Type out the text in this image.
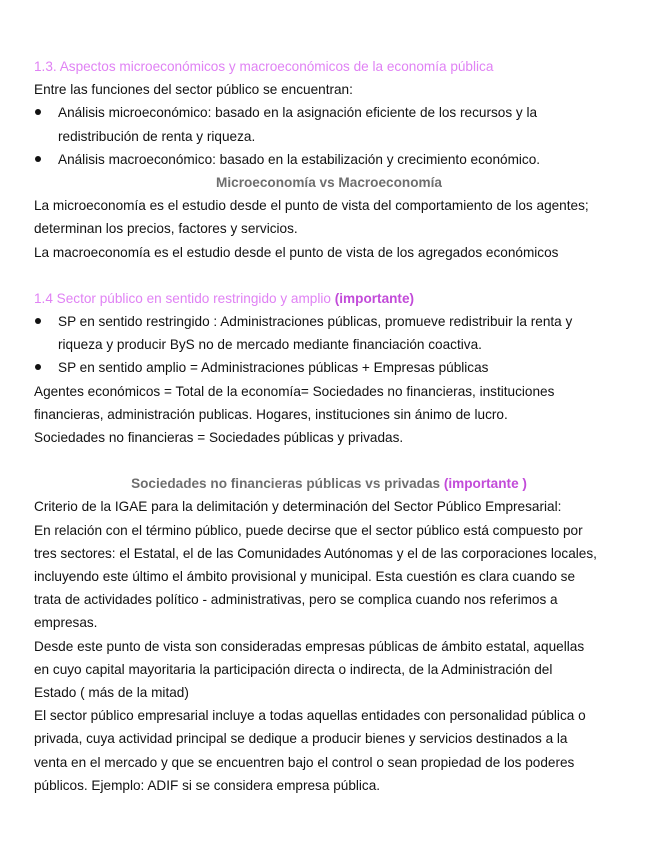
1.3. Aspectos microeconómicos y macroeconómicos de la economía pública
Entre las funciones del sector público se encuentran:
Análisis microeconómico: basado en la asignación eficiente de los recursos y la
redistribución de renta y riqueza.
Análisis macroeconómico: basado en la estabilización y crecimiento económico.
Microeconomía vs Macroeconomía
La microeconomía es el estudio desde el punto de vista del comportamiento de los agentes;
determinan los precios, factores y servicios.
La macroeconomía es el estudio desde el punto de vista de los agregados económicos
1.4 Sector público en sentido restringido y amplio (importante)
SP en sentido restringido : Administraciones públicas, promueve redistribuir la renta y
riqueza y producir ByS no de mercado mediante financiación coactiva.
SP en sentido amplio = Administraciones públicas + Empresas públicas
Agentes económicos = Total de la economía= Sociedades no financieras, instituciones
financieras, administración publicas. Hogares, instituciones sin ánimo de lucro.
Sociedades no financieras = Sociedades públicas y privadas.
Sociedades no financieras públicas vs privadas (importante )
Criterio de la IGAE para la delimitación y determinación del Sector Público Empresarial:
En relación con el término público, puede decirse que el sector público está compuesto por
tres sectores: el Estatal, el de las Comunidades Autónomas y el de las corporaciones locales,
incluyendo este último el ámbito provisional y municipal. Esta cuestión es clara cuando se
trata de actividades político - administrativas, pero se complica cuando nos referimos a
empresas.
Desde este punto de vista son consideradas empresas públicas de ámbito estatal, aquellas
en cuyo capital mayoritaria la participación directa o indirecta, de la Administración del
Estado ( más de la mitad)
El sector público empresarial incluye a todas aquellas entidades con personalidad pública o
privada, cuya actividad principal se dedique a producir bienes y servicios destinados a la
venta en el mercado y que se encuentren bajo el control o sean propiedad de los poderes
públicos. Ejemplo: ADIF si se considera empresa pública.
